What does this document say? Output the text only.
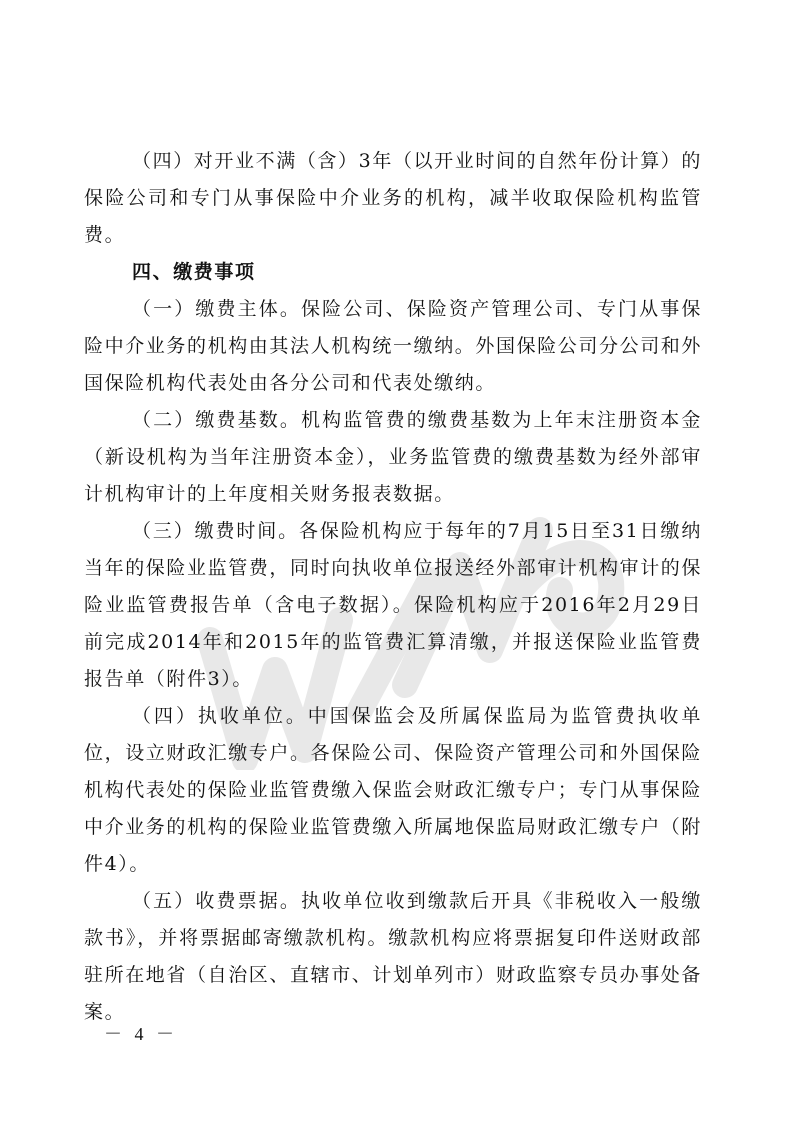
（四）对开业不满（含）3年（以开业时间的自然年份计算）的保险公司和专门从事保险中介业务的机构，减半收取保险机构监管费。

四、缴费事项

（一）缴费主体。保险公司、保险资产管理公司、专门从事保险中介业务的机构由其法人机构统一缴纳。外国保险公司分公司和外国保险机构代表处由各分公司和代表处缴纳。

（二）缴费基数。机构监管费的缴费基数为上年末注册资本金（新设机构为当年注册资本金），业务监管费的缴费基数为经外部审计机构审计的上年度相关财务报表数据。

（三）缴费时间。各保险机构应于每年的7月15日至31日缴纳当年的保险业监管费，同时向执收单位报送经外部审计机构审计的保险业监管费报告单（含电子数据）。保险机构应于2016年2月29日前完成2014年和2015年的监管费汇算清缴，并报送保险业监管费报告单（附件3）。

（四）执收单位。中国保监会及所属保监局为监管费执收单位，设立财政汇缴专户。各保险公司、保险资产管理公司和外国保险机构代表处的保险业监管费缴入保监会财政汇缴专户；专门从事保险中介业务的机构的保险业监管费缴入所属地保监局财政汇缴专户（附件4）。

（五）收费票据。执收单位收到缴款后开具《非税收入一般缴款书》，并将票据邮寄缴款机构。缴款机构应将票据复印件送财政部驻所在地省（自治区、直辖市、计划单列市）财政监察专员办事处备案。

－ 4 －
